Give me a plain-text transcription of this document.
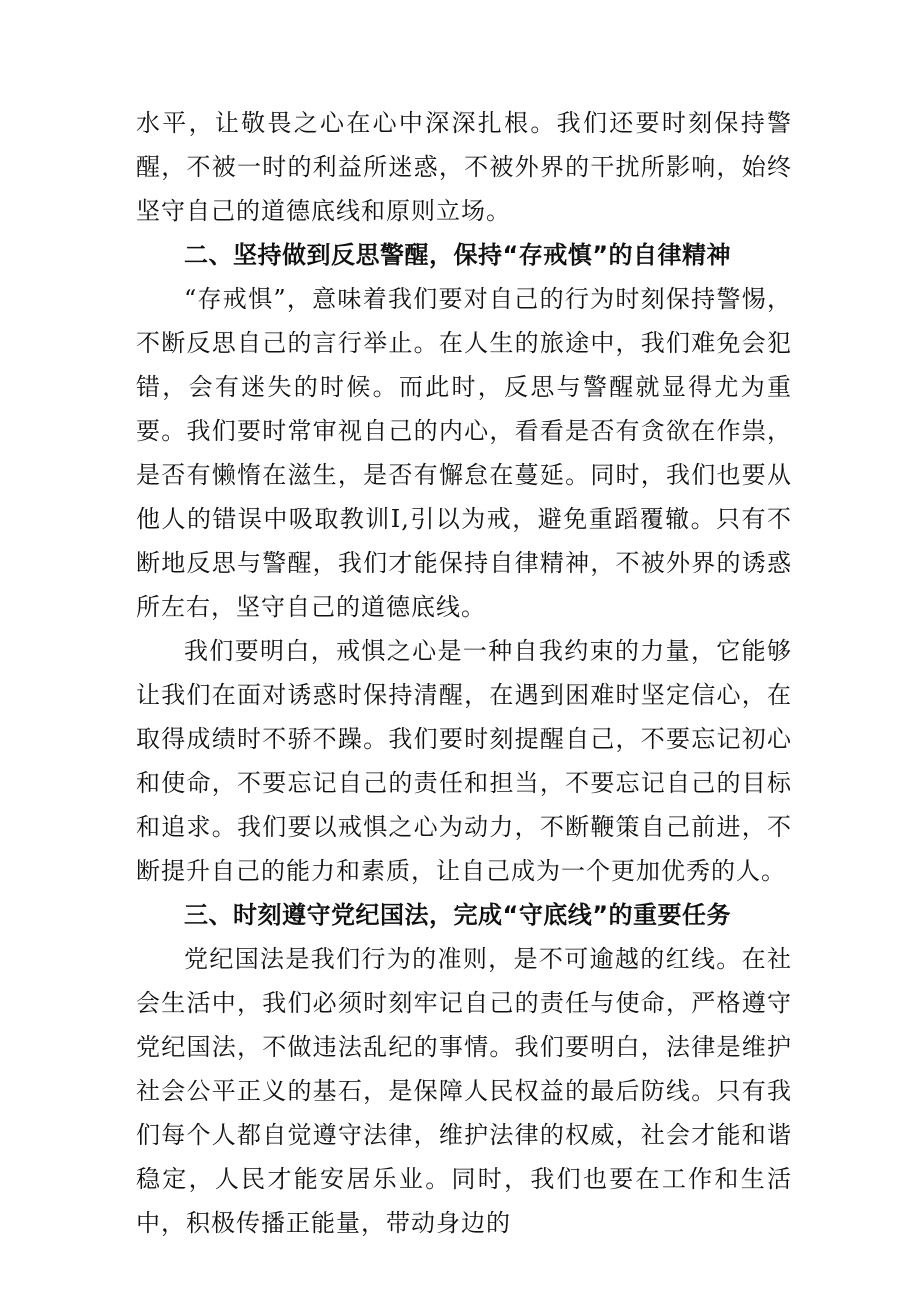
水平，让敬畏之心在心中深深扎根。我们还要时刻保持警醒，不被一时的利益所迷惑，不被外界的干扰所影响，始终坚守自己的道德底线和原则立场。

二、坚持做到反思警醒，保持“存戒慎”的自律精神

“存戒惧”，意味着我们要对自己的行为时刻保持警惕，不断反思自己的言行举止。在人生的旅途中，我们难免会犯错，会有迷失的时候。而此时，反思与警醒就显得尤为重要。我们要时常审视自己的内心，看看是否有贪欲在作祟，是否有懒惰在滋生，是否有懈怠在蔓延。同时，我们也要从他人的错误中吸取教训I,引以为戒，避免重蹈覆辙。只有不断地反思与警醒，我们才能保持自律精神，不被外界的诱惑所左右，坚守自己的道德底线。

我们要明白，戒惧之心是一种自我约束的力量，它能够让我们在面对诱惑时保持清醒，在遇到困难时坚定信心，在取得成绩时不骄不躁。我们要时刻提醒自己，不要忘记初心和使命，不要忘记自己的责任和担当，不要忘记自己的目标和追求。我们要以戒惧之心为动力，不断鞭策自己前进，不断提升自己的能力和素质，让自己成为一个更加优秀的人。

三、时刻遵守党纪国法，完成“守底线”的重要任务

党纪国法是我们行为的准则，是不可逾越的红线。在社会生活中，我们必须时刻牢记自己的责任与使命，严格遵守党纪国法，不做违法乱纪的事情。我们要明白，法律是维护社会公平正义的基石，是保障人民权益的最后防线。只有我们每个人都自觉遵守法律，维护法律的权威，社会才能和谐稳定，人民才能安居乐业。同时，我们也要在工作和生活中，积极传播正能量，带动身边的
